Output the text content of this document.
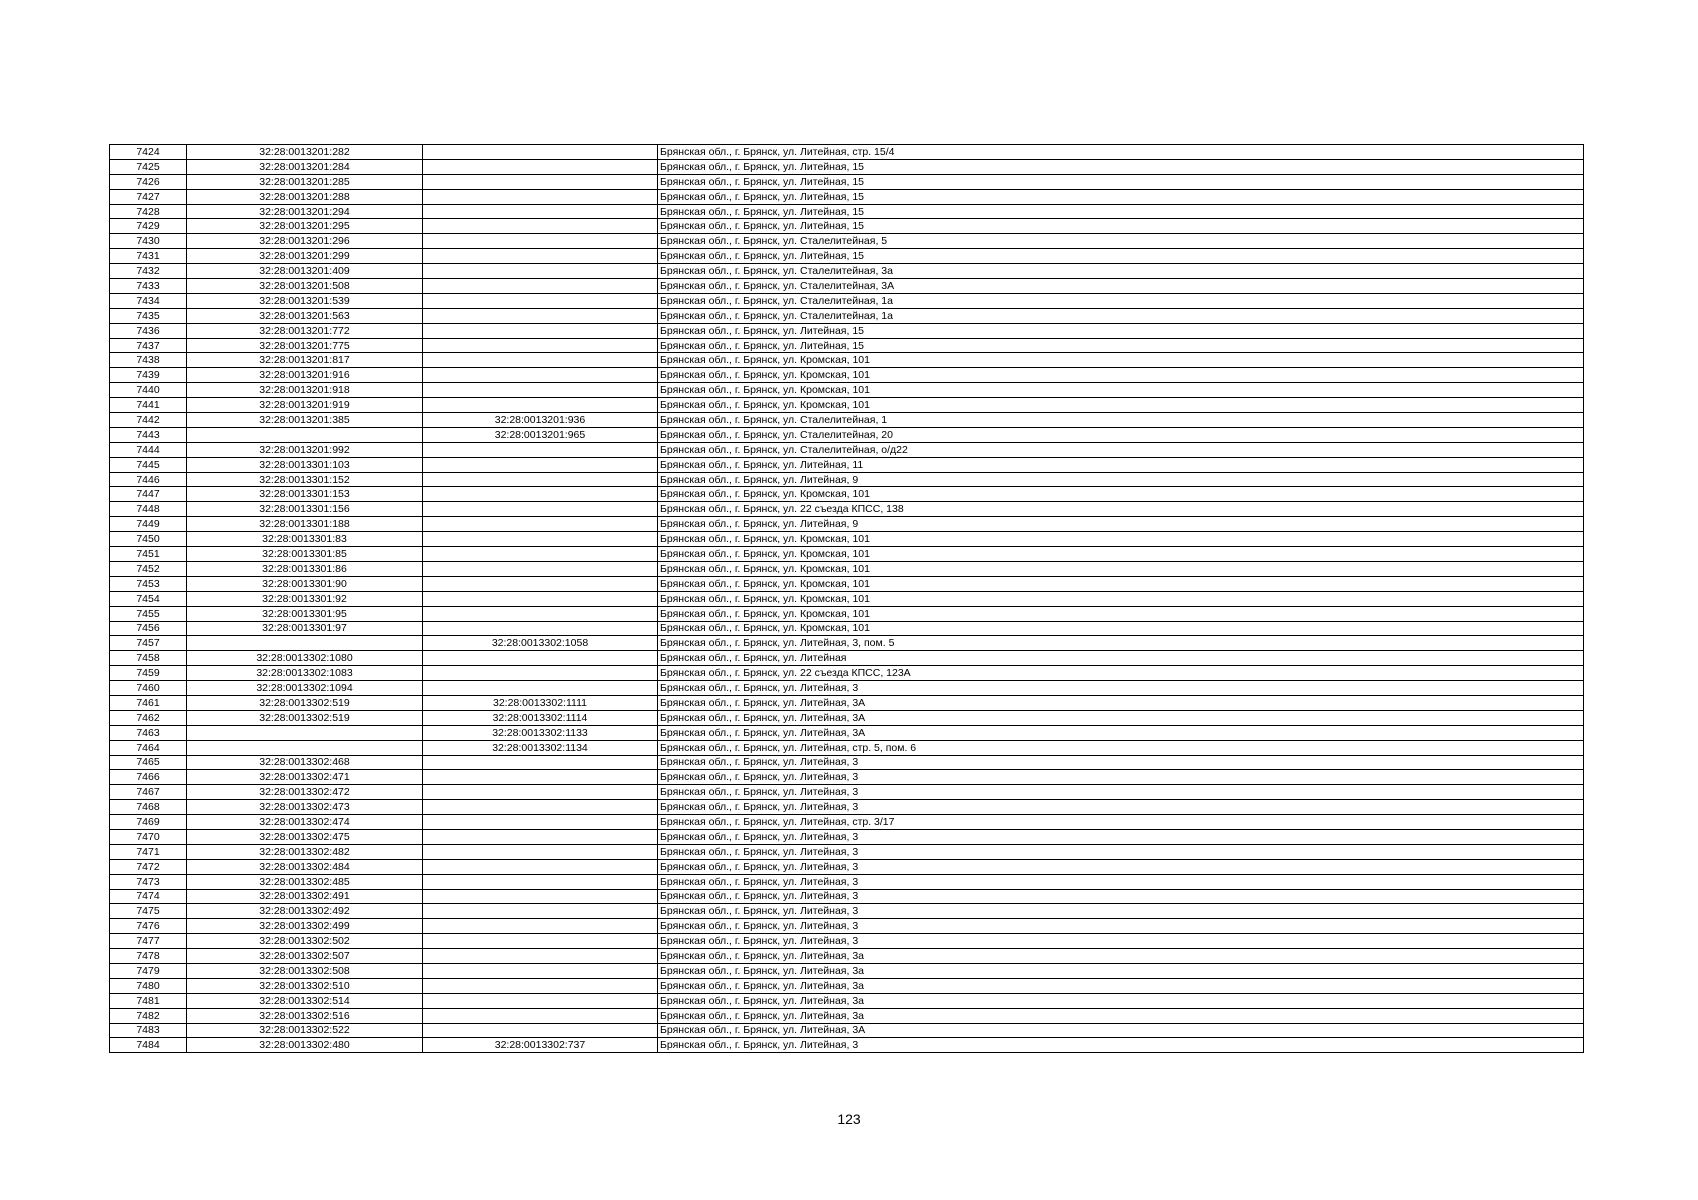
7424	32:28:0013201:282		Брянская обл., г. Брянск, ул. Литейная, стр. 15/4
7425	32:28:0013201:284		Брянская обл., г. Брянск, ул. Литейная, 15
7426	32:28:0013201:285		Брянская обл., г. Брянск, ул. Литейная, 15
7427	32:28:0013201:288		Брянская обл., г. Брянск, ул. Литейная, 15
7428	32:28:0013201:294		Брянская обл., г. Брянск, ул. Литейная, 15
7429	32:28:0013201:295		Брянская обл., г. Брянск, ул. Литейная, 15
7430	32:28:0013201:296		Брянская обл., г. Брянск, ул. Сталелитейная, 5
7431	32:28:0013201:299		Брянская обл., г. Брянск, ул. Литейная, 15
7432	32:28:0013201:409		Брянская обл., г. Брянск, ул. Сталелитейная, 3а
7433	32:28:0013201:508		Брянская обл., г. Брянск, ул. Сталелитейная, 3А
7434	32:28:0013201:539		Брянская обл., г. Брянск, ул. Сталелитейная, 1а
7435	32:28:0013201:563		Брянская обл., г. Брянск, ул. Сталелитейная, 1а
7436	32:28:0013201:772		Брянская обл., г. Брянск, ул. Литейная, 15
7437	32:28:0013201:775		Брянская обл., г. Брянск, ул. Литейная, 15
7438	32:28:0013201:817		Брянская обл., г. Брянск, ул. Кромская, 101
7439	32:28:0013201:916		Брянская обл., г. Брянск, ул. Кромская, 101
7440	32:28:0013201:918		Брянская обл., г. Брянск, ул. Кромская, 101
7441	32:28:0013201:919		Брянская обл., г. Брянск, ул. Кромская, 101
7442	32:28:0013201:385	32:28:0013201:936	Брянская обл., г. Брянск, ул. Сталелитейная, 1
7443		32:28:0013201:965	Брянская обл., г. Брянск, ул. Сталелитейная, 20
7444	32:28:0013201:992		Брянская обл., г. Брянск, ул. Сталелитейная, о/д22
7445	32:28:0013301:103		Брянская обл., г. Брянск, ул. Литейная, 11
7446	32:28:0013301:152		Брянская обл., г. Брянск, ул. Литейная, 9
7447	32:28:0013301:153		Брянская обл., г. Брянск, ул. Кромская, 101
7448	32:28:0013301:156		Брянская обл., г. Брянск, ул. 22 съезда КПСС, 138
7449	32:28:0013301:188		Брянская обл., г. Брянск, ул. Литейная, 9
7450	32:28:0013301:83		Брянская обл., г. Брянск, ул. Кромская, 101
7451	32:28:0013301:85		Брянская обл., г. Брянск, ул. Кромская, 101
7452	32:28:0013301:86		Брянская обл., г. Брянск, ул. Кромская, 101
7453	32:28:0013301:90		Брянская обл., г. Брянск, ул. Кромская, 101
7454	32:28:0013301:92		Брянская обл., г. Брянск, ул. Кромская, 101
7455	32:28:0013301:95		Брянская обл., г. Брянск, ул. Кромская, 101
7456	32:28:0013301:97		Брянская обл., г. Брянск, ул. Кромская, 101
7457		32:28:0013302:1058	Брянская обл., г. Брянск, ул. Литейная, 3, пом. 5
7458	32:28:0013302:1080		Брянская обл., г. Брянск, ул. Литейная
7459	32:28:0013302:1083		Брянская обл., г. Брянск, ул. 22 съезда КПСС, 123А
7460	32:28:0013302:1094		Брянская обл., г. Брянск, ул. Литейная, 3
7461	32:28:0013302:519	32:28:0013302:1111	Брянская обл., г. Брянск, ул. Литейная, 3А
7462	32:28:0013302:519	32:28:0013302:1114	Брянская обл., г. Брянск, ул. Литейная, 3А
7463		32:28:0013302:1133	Брянская обл., г. Брянск, ул. Литейная, 3А
7464		32:28:0013302:1134	Брянская обл., г. Брянск, ул. Литейная, стр. 5, пом. 6
7465	32:28:0013302:468		Брянская обл., г. Брянск, ул. Литейная, 3
7466	32:28:0013302:471		Брянская обл., г. Брянск, ул. Литейная, 3
7467	32:28:0013302:472		Брянская обл., г. Брянск, ул. Литейная, 3
7468	32:28:0013302:473		Брянская обл., г. Брянск, ул. Литейная, 3
7469	32:28:0013302:474		Брянская обл., г. Брянск, ул. Литейная, стр. 3/17
7470	32:28:0013302:475		Брянская обл., г. Брянск, ул. Литейная, 3
7471	32:28:0013302:482		Брянская обл., г. Брянск, ул. Литейная, 3
7472	32:28:0013302:484		Брянская обл., г. Брянск, ул. Литейная, 3
7473	32:28:0013302:485		Брянская обл., г. Брянск, ул. Литейная, 3
7474	32:28:0013302:491		Брянская обл., г. Брянск, ул. Литейная, 3
7475	32:28:0013302:492		Брянская обл., г. Брянск, ул. Литейная, 3
7476	32:28:0013302:499		Брянская обл., г. Брянск, ул. Литейная, 3
7477	32:28:0013302:502		Брянская обл., г. Брянск, ул. Литейная, 3
7478	32:28:0013302:507		Брянская обл., г. Брянск, ул. Литейная, 3а
7479	32:28:0013302:508		Брянская обл., г. Брянск, ул. Литейная, 3а
7480	32:28:0013302:510		Брянская обл., г. Брянск, ул. Литейная, 3а
7481	32:28:0013302:514		Брянская обл., г. Брянск, ул. Литейная, 3а
7482	32:28:0013302:516		Брянская обл., г. Брянск, ул. Литейная, 3а
7483	32:28:0013302:522		Брянская обл., г. Брянск, ул. Литейная, 3А
7484	32:28:0013302:480	32:28:0013302:737	Брянская обл., г. Брянск, ул. Литейная, 3
123
